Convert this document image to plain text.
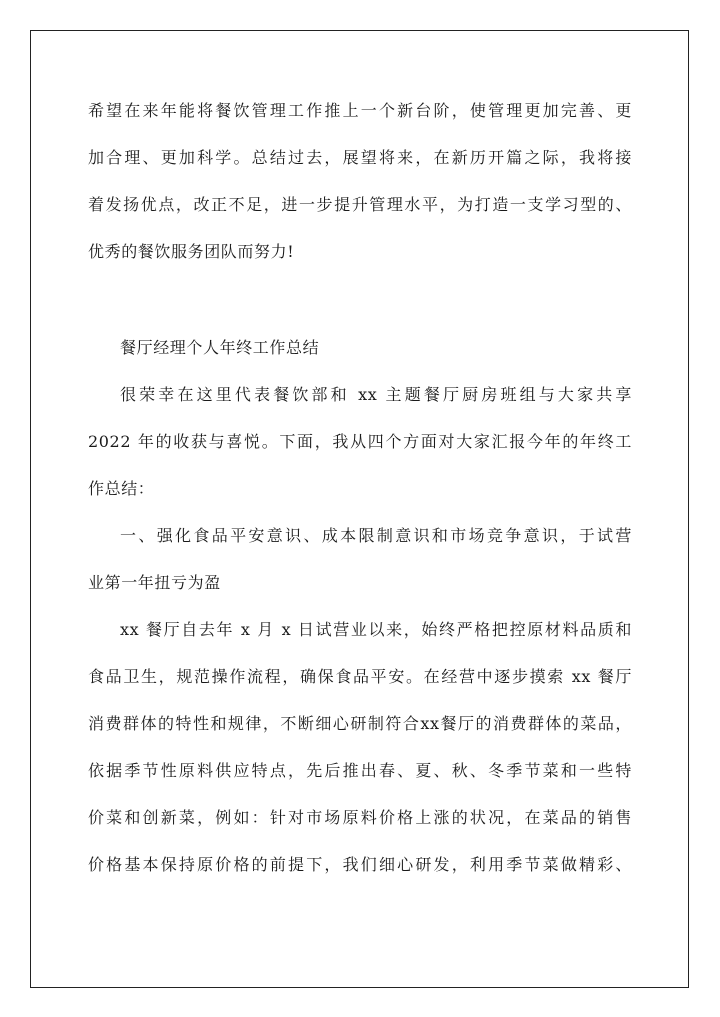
希望在来年能将餐饮管理工作推上一个新台阶，使管理更加完善、更
加合理、更加科学。总结过去，展望将来，在新历开篇之际，我将接
着发扬优点，改正不足，进一步提升管理水平，为打造一支学习型的、
优秀的餐饮服务团队而努力!
餐厅经理个人年终工作总结
很荣幸在这里代表餐饮部和 xx 主题餐厅厨房班组与大家共享
2022 年的收获与喜悦。下面，我从四个方面对大家汇报今年的年终工
作总结：
一、强化食品平安意识、成本限制意识和市场竞争意识，于试营
业第一年扭亏为盈
xx 餐厅自去年 x 月 x 日试营业以来，始终严格把控原材料品质和
食品卫生，规范操作流程，确保食品平安。在经营中逐步摸索 xx 餐厅
消费群体的特性和规律，不断细心研制符合xx餐厅的消费群体的菜品，
依据季节性原料供应特点，先后推出春、夏、秋、冬季节菜和一些特
价菜和创新菜，例如：针对市场原料价格上涨的状况，在菜品的销售
价格基本保持原价格的前提下，我们细心研发，利用季节菜做精彩、
